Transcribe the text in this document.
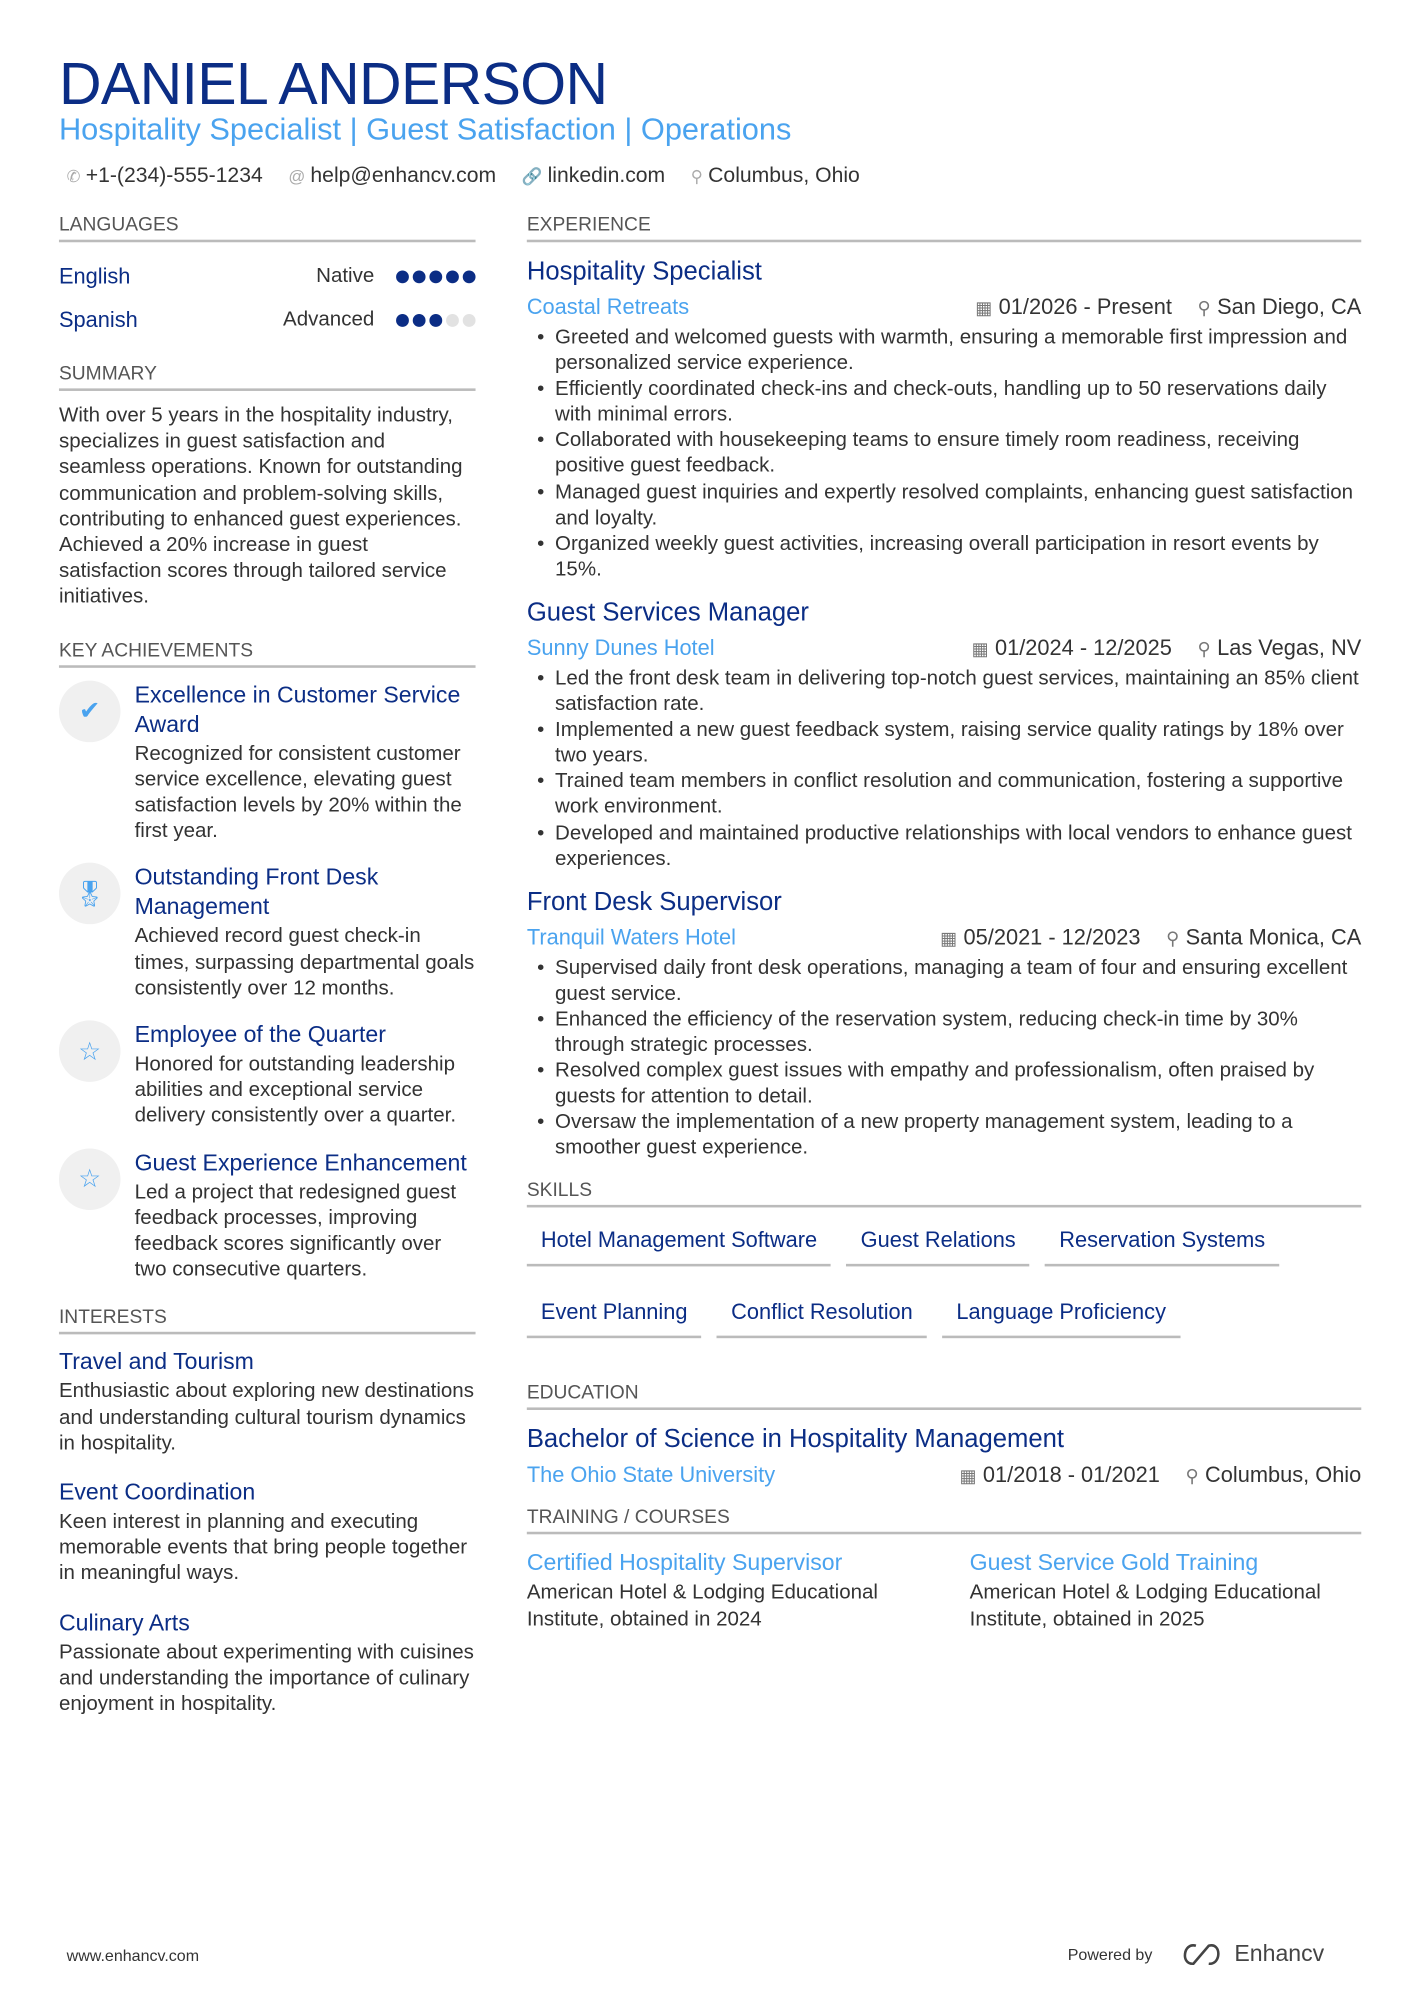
DANIEL ANDERSON
Hospitality Specialist | Guest Satisfaction | Operations
✆ +1-(234)-555-1234 @ help@enhancv.com 🔗 linkedin.com ⚲ Columbus, Ohio
LANGUAGES
English	Native
Spanish	Advanced
SUMMARY

With over 5 years in the hospitality industry, specializes in guest satisfaction and seamless operations. Known for outstanding communication and problem-solving skills, contributing to enhanced guest experiences. Achieved a 20% increase in guest satisfaction scores through tailored service initiatives.

KEY ACHIEVEMENTS
✔
Excellence in Customer Service Award
Recognized for consistent customer service excellence, elevating guest satisfaction levels by 20% within the first year.
🎖
Outstanding Front Desk Management
Achieved record guest check-in times, surpassing departmental goals consistently over 12 months.
☆
Employee of the Quarter
Honored for outstanding leadership abilities and exceptional service delivery consistently over a quarter.
☆
Guest Experience Enhancement
Led a project that redesigned guest feedback processes, improving feedback scores significantly over two consecutive quarters.
INTERESTS
Travel and Tourism

Enthusiastic about exploring new destinations and understanding cultural tourism dynamics in hospitality.

Event Coordination

Keen interest in planning and executing memorable events that bring people together in meaningful ways.

Culinary Arts

Passionate about experimenting with cuisines and understanding the importance of culinary enjoyment in hospitality.

EXPERIENCE
Hospitality Specialist
Coastal Retreats	▦ 01/2026 - Present ⚲ San Diego, CA
• Greeted and welcomed guests with warmth, ensuring a memorable first impression and personalized service experience.
• Efficiently coordinated check-ins and check-outs, handling up to 50 reservations daily with minimal errors.
• Collaborated with housekeeping teams to ensure timely room readiness, receiving positive guest feedback.
• Managed guest inquiries and expertly resolved complaints, enhancing guest satisfaction and loyalty.
• Organized weekly guest activities, increasing overall participation in resort events by 15%.
Guest Services Manager
Sunny Dunes Hotel	▦ 01/2024 - 12/2025 ⚲ Las Vegas, NV
• Led the front desk team in delivering top-notch guest services, maintaining an 85% client satisfaction rate.
• Implemented a new guest feedback system, raising service quality ratings by 18% over two years.
• Trained team members in conflict resolution and communication, fostering a supportive work environment.
• Developed and maintained productive relationships with local vendors to enhance guest experiences.
Front Desk Supervisor
Tranquil Waters Hotel	▦ 05/2021 - 12/2023 ⚲ Santa Monica, CA
• Supervised daily front desk operations, managing a team of four and ensuring excellent guest service.
• Enhanced the efficiency of the reservation system, reducing check-in time by 30% through strategic processes.
• Resolved complex guest issues with empathy and professionalism, often praised by guests for attention to detail.
• Oversaw the implementation of a new property management system, leading to a smoother guest experience.
SKILLS
Hotel Management Software	Guest Relations	Reservation Systems
Event Planning	Conflict Resolution	Language Proficiency
EDUCATION
Bachelor of Science in Hospitality Management
The Ohio State University	▦ 01/2018 - 01/2021 ⚲ Columbus, Ohio
TRAINING / COURSES
Certified Hospitality Supervisor

American Hotel & Lodging Educational Institute, obtained in 2024

Guest Service Gold Training

American Hotel & Lodging Educational Institute, obtained in 2025

www.enhancv.com	Powered by	Enhancv
